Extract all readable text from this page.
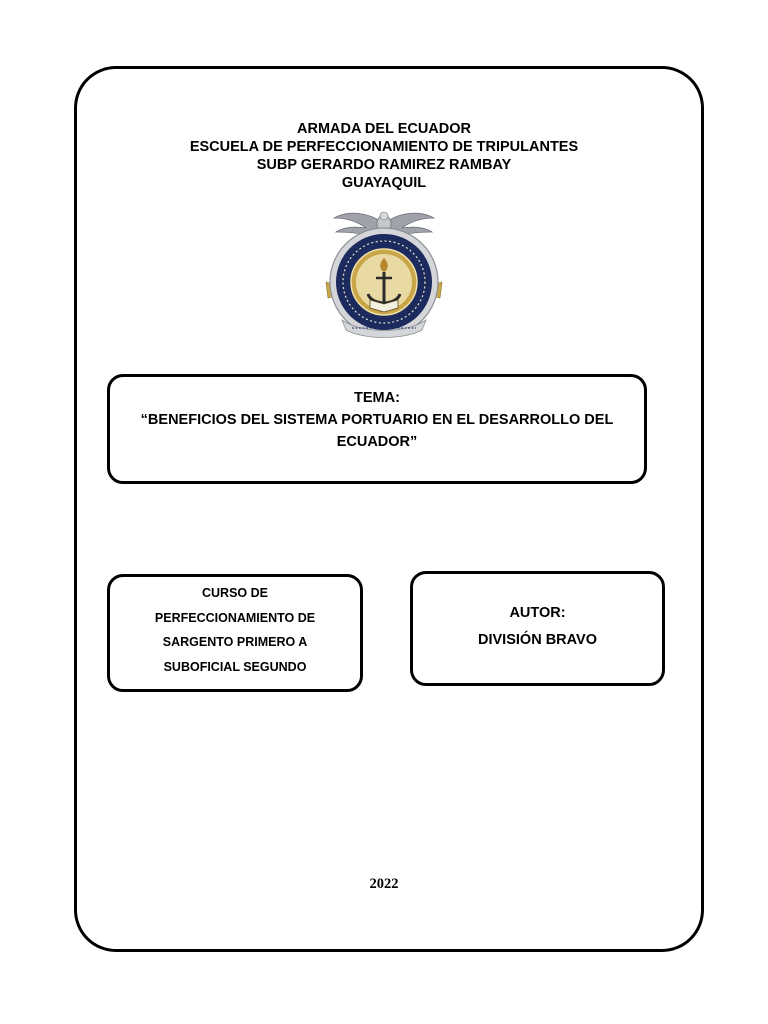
ARMADA DEL ECUADOR
ESCUELA DE PERFECCIONAMIENTO DE TRIPULANTES
SUBP GERARDO RAMIREZ RAMBAY
GUAYAQUIL
TEMA:
“BENEFICIOS DEL SISTEMA PORTUARIO EN EL DESARROLLO DEL
ECUADOR”
CURSO DE
PERFECCIONAMIENTO DE
SARGENTO PRIMERO A
SUBOFICIAL SEGUNDO
AUTOR:
DIVISIÓN BRAVO
2022
